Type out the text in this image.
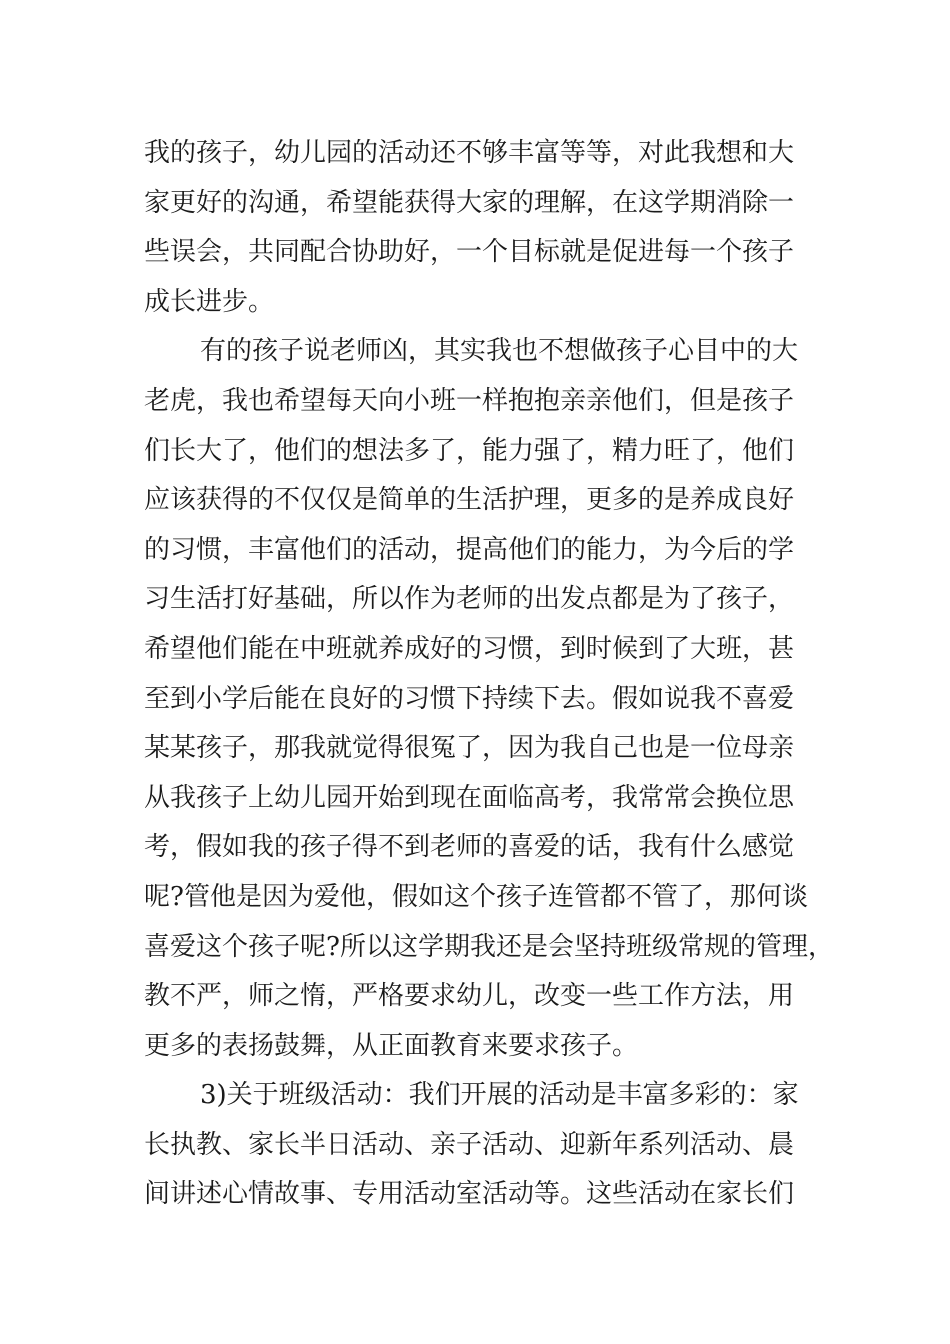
我的孩子，幼儿园的活动还不够丰富等等，对此我想和大
家更好的沟通，希望能获得大家的理解，在这学期消除一
些误会，共同配合协助好，一个目标就是促进每一个孩子
成长进步。
有的孩子说老师凶，其实我也不想做孩子心目中的大
老虎，我也希望每天向小班一样抱抱亲亲他们，但是孩子
们长大了，他们的想法多了，能力强了，精力旺了，他们
应该获得的不仅仅是简单的生活护理，更多的是养成良好
的习惯，丰富他们的活动，提高他们的能力，为今后的学
习生活打好基础，所以作为老师的出发点都是为了孩子，
希望他们能在中班就养成好的习惯，到时候到了大班，甚
至到小学后能在良好的习惯下持续下去。假如说我不喜爱
某某孩子，那我就觉得很冤了，因为我自己也是一位母亲
从我孩子上幼儿园开始到现在面临高考，我常常会换位思
考，假如我的孩子得不到老师的喜爱的话，我有什么感觉
呢?管他是因为爱他，假如这个孩子连管都不管了，那何谈
喜爱这个孩子呢?所以这学期我还是会坚持班级常规的管理，
教不严，师之惰，严格要求幼儿，改变一些工作方法，用
更多的表扬鼓舞，从正面教育来要求孩子。
3)关于班级活动：我们开展的活动是丰富多彩的：家
长执教、家长半日活动、亲子活动、迎新年系列活动、晨
间讲述心情故事、专用活动室活动等。这些活动在家长们
